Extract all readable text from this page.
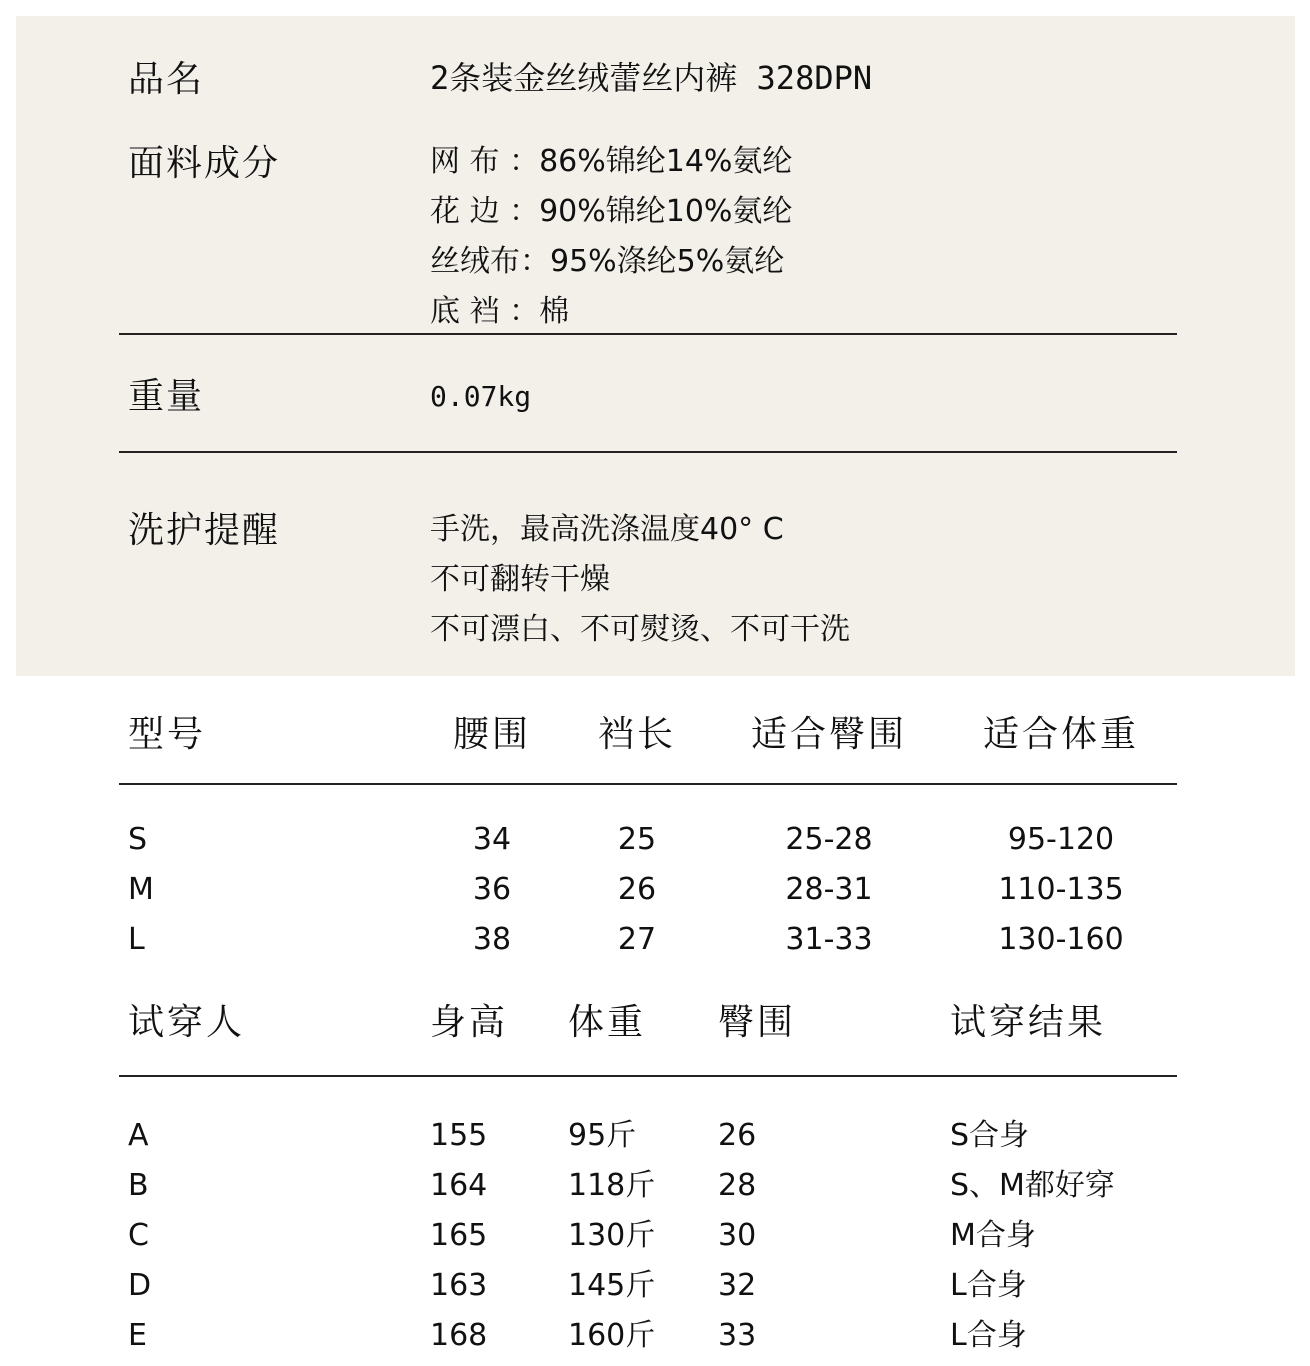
品名	2条装金丝绒蕾丝内裤 328DPN
面料成分	网 布 ：86%锦纶14%氨纶
花 边 ：90%锦纶10%氨纶
丝绒布：95%涤纶5%氨纶
底 裆 ：棉
重量	0.07kg
洗护提醒	手洗，最高洗涤温度40° C
不可翻转干燥
不可漂白、不可熨烫、不可干洗
型号	腰围 裆长 适合臀围 适合体重
S	34	25	25-28	95-120
M	36	26	28-31	110-135
L	38	27	31-33	130-160
试穿人	身高 体重 臀围	试穿结果
A	155	95斤	26	S合身
B	164	118斤 28	S、M都好穿
C	165	130斤 30	M合身
D	163	145斤 32	L合身
E	168	160斤 33	L合身
